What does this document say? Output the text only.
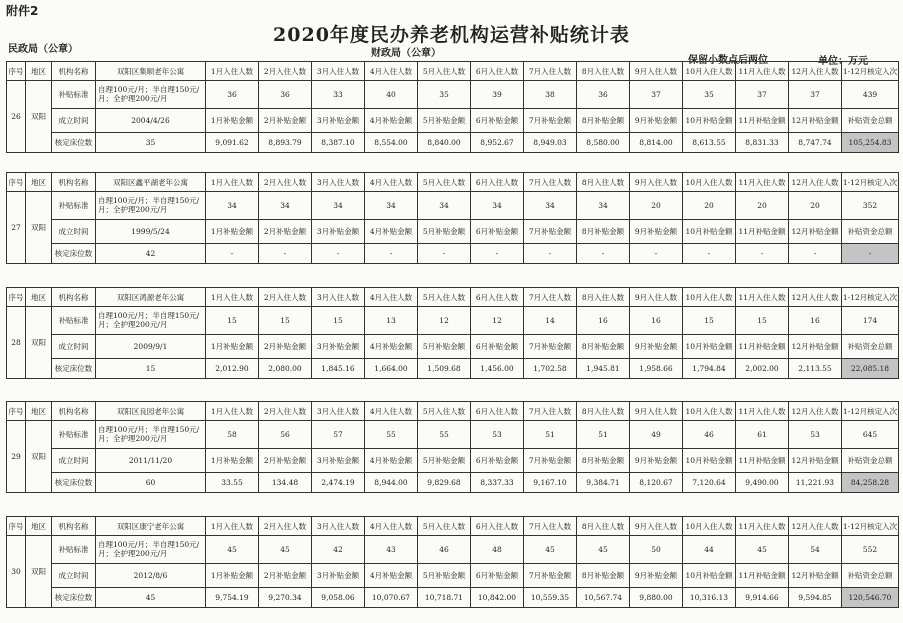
附件2
2020年度民办养老机构运营补贴统计表
民政局（公章）	财政局（公章）
保留小数点后两位	单位：万元
序号	地区	机构名称	双阳区集顺老年公寓	1月入住人数	2月入住人数	3月入住人数	4月入住人数	5月入住人数	6月入住人数	7月入住人数	8月入住人数	9月入住人数	10月入住人数	11月入住人数	12月入住人数	1-12月核定入次
26	双阳	补贴标准	自理100元/月；半自理150元/月；全护理200元/月	36	36	33	40	35	39	38	36	37	35	37	37	439
		成立时间	2004/4/26	1月补贴金额	2月补贴金额	3月补贴金额	4月补贴金额	5月补贴金额	6月补贴金额	7月补贴金额	8月补贴金额	9月补贴金额	10月补贴金额	11月补贴金额	12月补贴金额	补贴资金总额
		核定床位数	35	9,091.62	8,893.79	8,387.10	8,554.00	8,840.00	8,952.67	8,949.03	8,580.00	8,814.00	8,613.55	8,831.33	8,747.74	105,254.83
序号	地区	机构名称	双阳区鑫平湖老年公寓	1月入住人数	2月入住人数	3月入住人数	4月入住人数	5月入住人数	6月入住人数	7月入住人数	8月入住人数	9月入住人数	10月入住人数	11月入住人数	12月入住人数	1-12月核定入次
27	双阳	补贴标准	自理100元/月；半自理150元/月；全护理200元/月	34	34	34	34	34	34	34	34	20	20	20	20	352
		成立时间	1999/5/24	1月补贴金额	2月补贴金额	3月补贴金额	4月补贴金额	5月补贴金额	6月补贴金额	7月补贴金额	8月补贴金额	9月补贴金额	10月补贴金额	11月补贴金额	12月补贴金额	补贴资金总额
		核定床位数	42	-	-	-	-	-	-	-	-	-	-	-	-	-
序号	地区	机构名称	双阳区鸿源老年公寓	1月入住人数	2月入住人数	3月入住人数	4月入住人数	5月入住人数	6月入住人数	7月入住人数	8月入住人数	9月入住人数	10月入住人数	11月入住人数	12月入住人数	1-12月核定入次
28	双阳	补贴标准	自理100元/月；半自理150元/月；全护理200元/月	15	15	15	13	12	12	14	16	16	15	15	16	174
		成立时间	2009/9/1	1月补贴金额	2月补贴金额	3月补贴金额	4月补贴金额	5月补贴金额	6月补贴金额	7月补贴金额	8月补贴金额	9月补贴金额	10月补贴金额	11月补贴金额	12月补贴金额	补贴资金总额
		核定床位数	15	2,012.90	2,080.00	1,845.16	1,664.00	1,509.68	1,456.00	1,702.58	1,945.81	1,958.66	1,794.84	2,002.00	2,113.55	22,085.18
序号	地区	机构名称	双阳区良园老年公寓	1月入住人数	2月入住人数	3月入住人数	4月入住人数	5月入住人数	6月入住人数	7月入住人数	8月入住人数	9月入住人数	10月入住人数	11月入住人数	12月入住人数	1-12月核定入次
29	双阳	补贴标准	自理100元/月；半自理150元/月；全护理200元/月	58	56	57	55	55	53	51	51	49	46	61	53	645
		成立时间	2011/11/20	1月补贴金额	2月补贴金额	3月补贴金额	4月补贴金额	5月补贴金额	6月补贴金额	7月补贴金额	8月补贴金额	9月补贴金额	10月补贴金额	11月补贴金额	12月补贴金额	补贴资金总额
		核定床位数	60	33.55	134.48	2,474.19	8,944.00	9,829.68	8,337.33	9,167.10	9,384.71	8,120.67	7,120.64	9,490.00	11,221.93	84,258.28
序号	地区	机构名称	双阳区康宁老年公寓	1月入住人数	2月入住人数	3月入住人数	4月入住人数	5月入住人数	6月入住人数	7月入住人数	8月入住人数	9月入住人数	10月入住人数	11月入住人数	12月入住人数	1-12月核定入次
30	双阳	补贴标准	自理100元/月；半自理150元/月；全护理200元/月	45	45	42	43	46	48	45	45	50	44	45	54	552
		成立时间	2012/8/6	1月补贴金额	2月补贴金额	3月补贴金额	4月补贴金额	5月补贴金额	6月补贴金额	7月补贴金额	8月补贴金额	9月补贴金额	10月补贴金额	11月补贴金额	12月补贴金额	补贴资金总额
		核定床位数	45	9,754.19	9,270.34	9,058.06	10,070.67	10,718.71	10,842.00	10,559.35	10,567.74	9,880.00	10,316.13	9,914.66	9,594.85	120,546.70
